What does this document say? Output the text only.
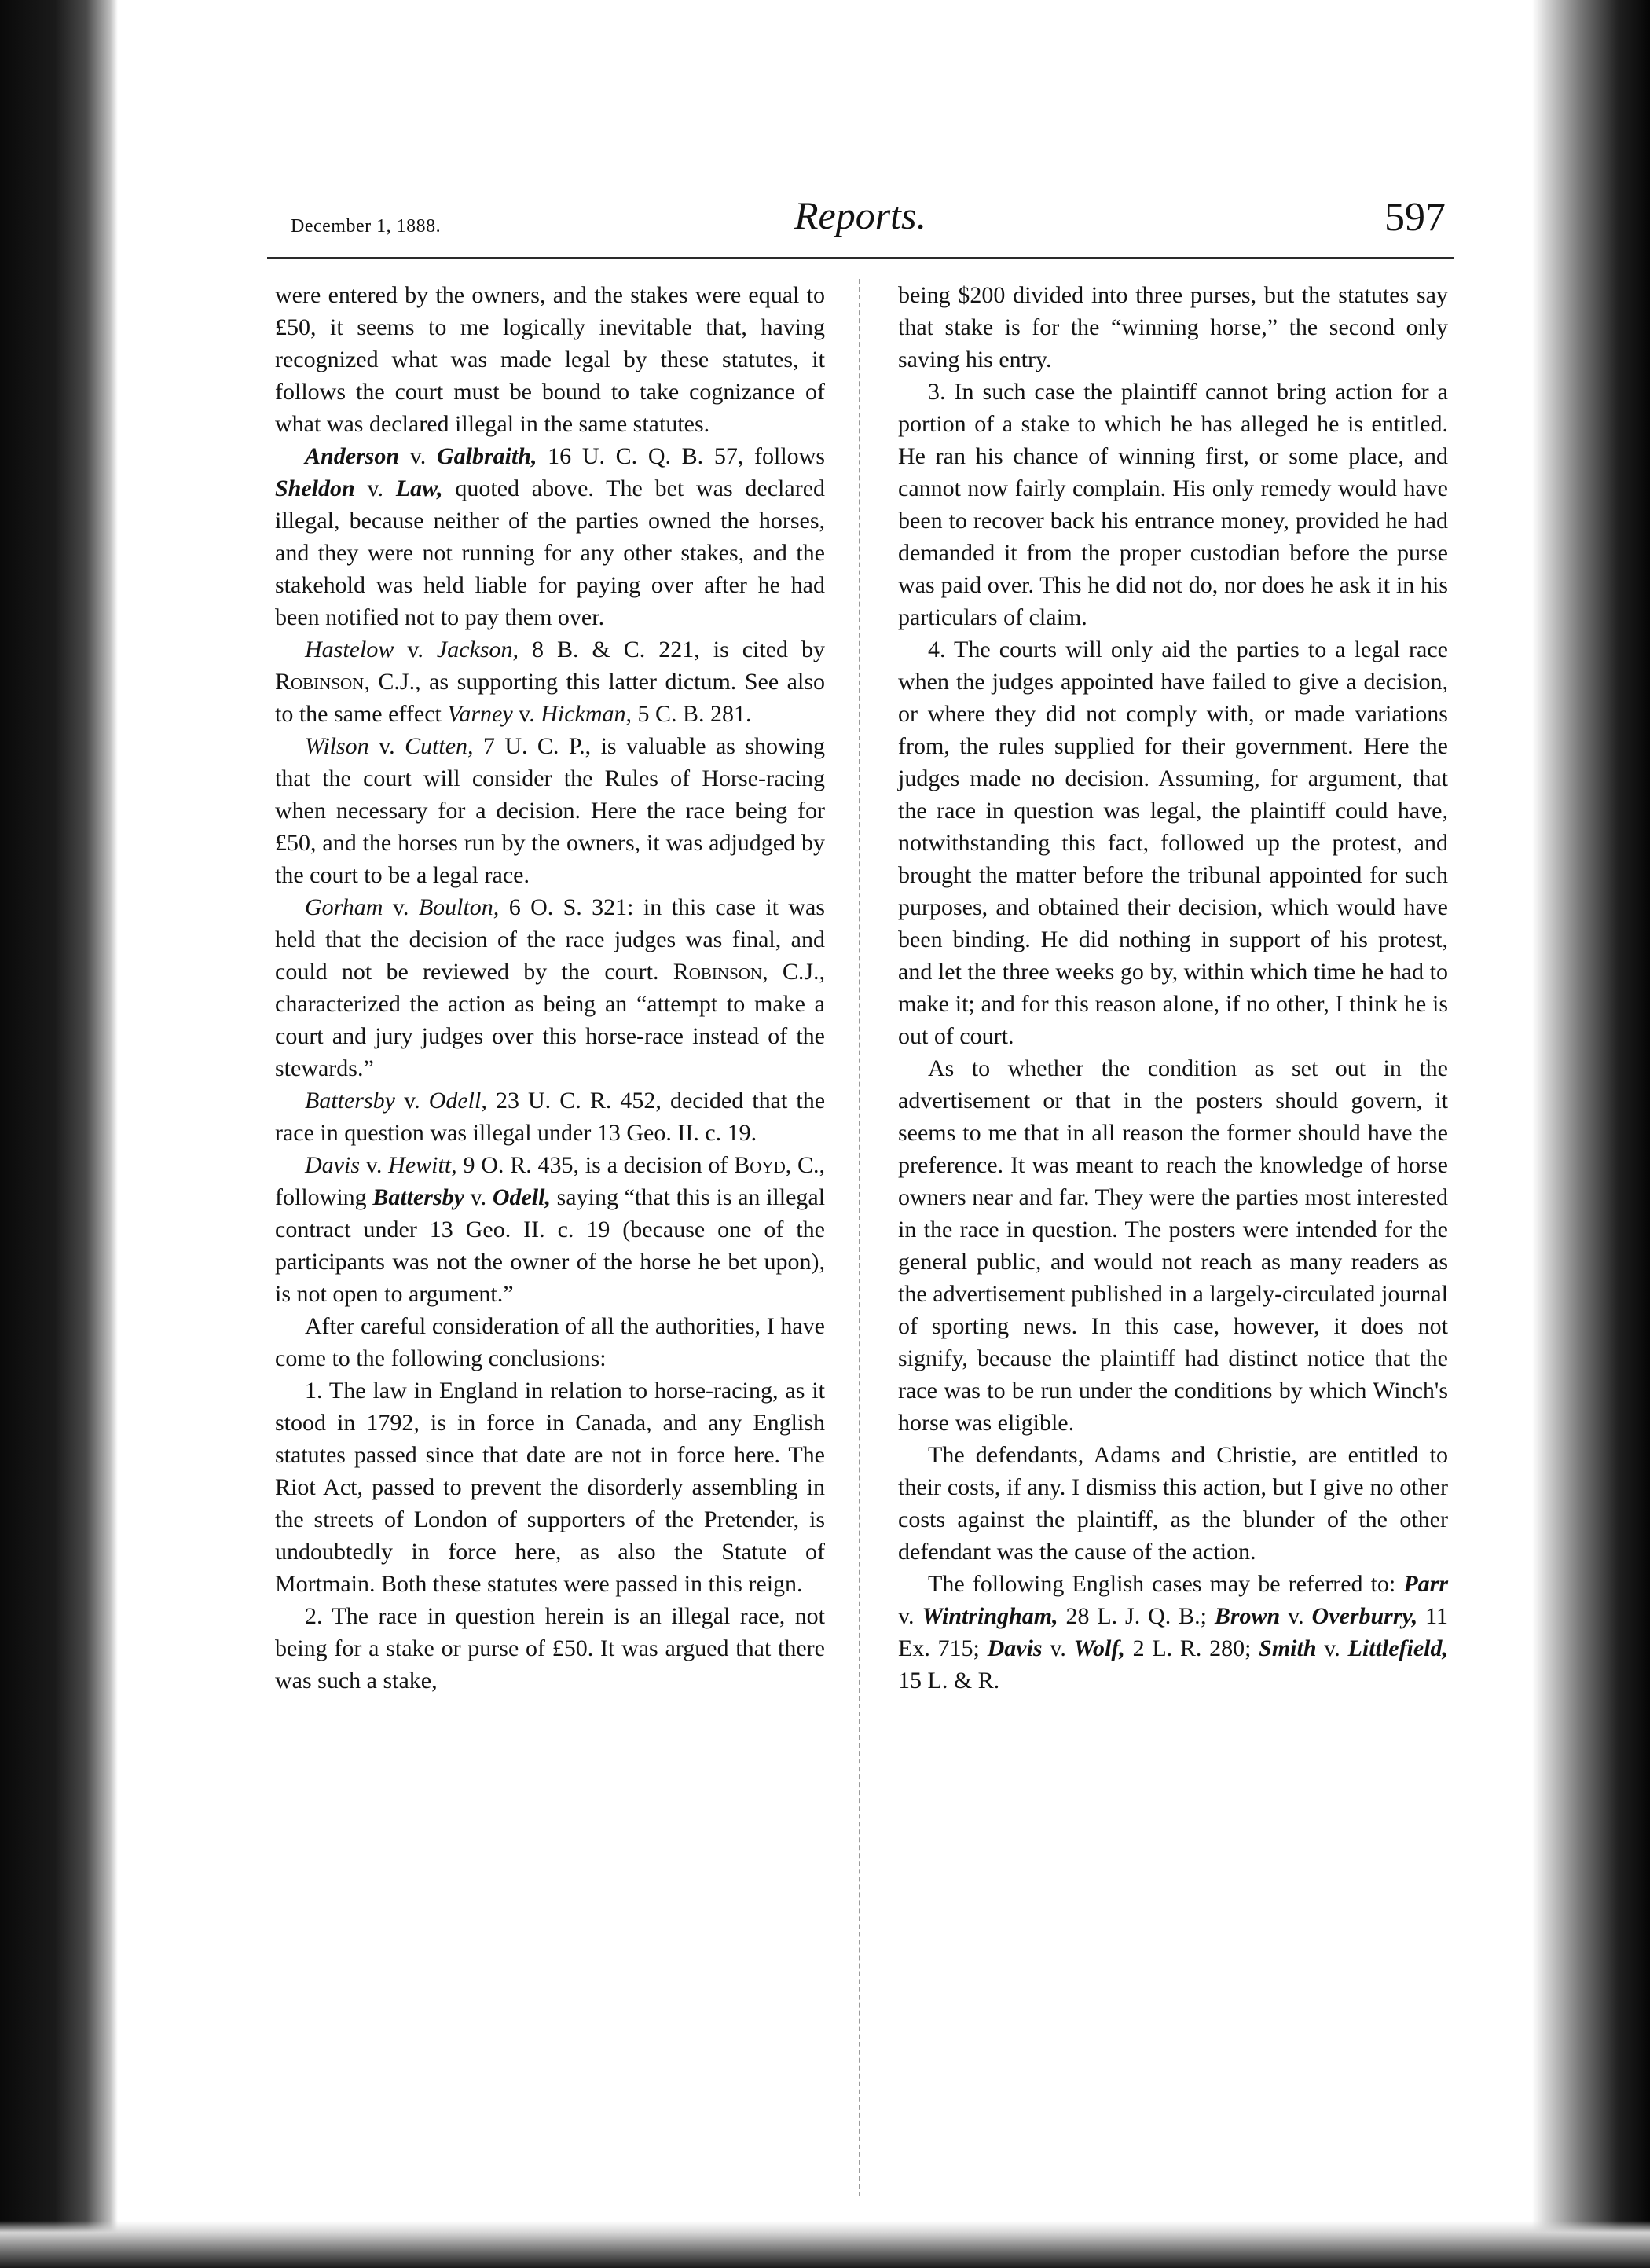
December 1, 1888.	Reports.	597

were entered by the owners, and the stakes were equal to £50, it seems to me logically inevitable that, having recognized what was made legal by these statutes, it follows the court must be bound to take cognizance of what was declared illegal in the same statutes.

Anderson v. Galbraith, 16 U. C. Q. B. 57, follows Sheldon v. Law, quoted above. The bet was declared illegal, because neither of the parties owned the horses, and they were not running for any other stakes, and the stakehold was held liable for paying over after he had been notified not to pay them over.

Hastelow v. Jackson, 8 B. & C. 221, is cited by Robinson, C.J., as supporting this latter dictum. See also to the same effect Varney v. Hickman, 5 C. B. 281.

Wilson v. Cutten, 7 U. C. P., is valuable as showing that the court will consider the Rules of Horse-racing when necessary for a decision. Here the race being for £50, and the horses run by the owners, it was adjudged by the court to be a legal race.

Gorham v. Boulton, 6 O. S. 321: in this case it was held that the decision of the race judges was final, and could not be reviewed by the court. Robinson, C.J., characterized the action as being an “attempt to make a court and jury judges over this horse-race instead of the stewards.”

Battersby v. Odell, 23 U. C. R. 452, decided that the race in question was illegal under 13 Geo. II. c. 19.

Davis v. Hewitt, 9 O. R. 435, is a decision of Boyd, C., following Battersby v. Odell, saying “that this is an illegal contract under 13 Geo. II. c. 19 (because one of the participants was not the owner of the horse he bet upon), is not open to argument.”

After careful consideration of all the authorities, I have come to the following conclusions:

1. The law in England in relation to horse-racing, as it stood in 1792, is in force in Canada, and any English statutes passed since that date are not in force here. The Riot Act, passed to prevent the disorderly assembling in the streets of London of supporters of the Pretender, is undoubtedly in force here, as also the Statute of Mortmain. Both these statutes were passed in this reign.

2. The race in question herein is an illegal race, not being for a stake or purse of £50. It was argued that there was such a stake,

being $200 divided into three purses, but the statutes say that stake is for the “winning horse,” the second only saving his entry.

3. In such case the plaintiff cannot bring action for a portion of a stake to which he has alleged he is entitled. He ran his chance of winning first, or some place, and cannot now fairly complain. His only remedy would have been to recover back his entrance money, provided he had demanded it from the proper custodian before the purse was paid over. This he did not do, nor does he ask it in his particulars of claim.

4. The courts will only aid the parties to a legal race when the judges appointed have failed to give a decision, or where they did not comply with, or made variations from, the rules supplied for their government. Here the judges made no decision. Assuming, for argument, that the race in question was legal, the plaintiff could have, notwithstanding this fact, followed up the protest, and brought the matter before the tribunal appointed for such purposes, and obtained their decision, which would have been binding. He did nothing in support of his protest, and let the three weeks go by, within which time he had to make it; and for this reason alone, if no other, I think he is out of court.

As to whether the condition as set out in the advertisement or that in the posters should govern, it seems to me that in all reason the former should have the preference. It was meant to reach the knowledge of horse owners near and far. They were the parties most interested in the race in question. The posters were intended for the general public, and would not reach as many readers as the advertisement published in a largely-circulated journal of sporting news. In this case, however, it does not signify, because the plaintiff had distinct notice that the race was to be run under the conditions by which Winch's horse was eligible.

The defendants, Adams and Christie, are entitled to their costs, if any. I dismiss this action, but I give no other costs against the plaintiff, as the blunder of the other defendant was the cause of the action.

The following English cases may be referred to: Parr v. Wintringham, 28 L. J. Q. B.; Brown v. Overburry, 11 Ex. 715; Davis v. Wolf, 2 L. R. 280; Smith v. Littlefield, 15 L. & R.
